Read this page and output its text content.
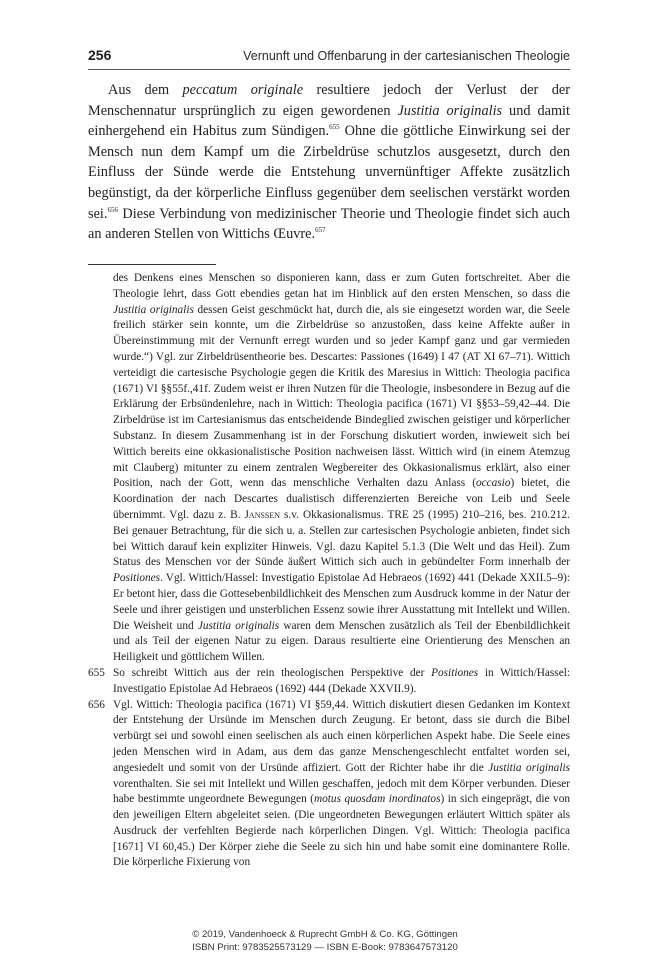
256	Vernunft und Offenbarung in der cartesianischen Theologie

Aus dem peccatum originale resultiere jedoch der Verlust der der Menschennatur ursprünglich zu eigen gewordenen Justitia originalis und damit einhergehend ein Habitus zum Sündigen.$^{655}$ Ohne die göttliche Einwirkung sei der Mensch nun dem Kampf um die Zirbeldrüse schutzlos ausgesetzt, durch den Einfluss der Sünde werde die Entstehung unvernünftiger Affekte zusätzlich begünstigt, da der körperliche Einfluss gegenüber dem seelischen verstärkt worden sei.$^{656}$ Diese Verbindung von medizinischer Theorie und Theologie findet sich auch an anderen Stellen von Wittichs Œuvre.$^{657}$

des Denkens eines Menschen so disponieren kann, dass er zum Guten fortschreitet. Aber die Theologie lehrt, dass Gott ebendies getan hat im Hinblick auf den ersten Menschen, so dass die Justitia originalis dessen Geist geschmückt hat, durch die, als sie eingesetzt worden war, die Seele freilich stärker sein konnte, um die Zirbeldrüse so anzustoßen, dass keine Affekte außer in Übereinstimmung mit der Vernunft erregt wurden und so jeder Kampf ganz und gar vermieden wurde.“) Vgl. zur Zirbeldrüsentheorie bes. Descartes: Passiones (1649) I 47 (AT XI 67–71). Wittich verteidigt die cartesische Psychologie gegen die Kritik des Maresius in Wittich: Theologia pacifica (1671) VI §§55f.,41f. Zudem weist er ihren Nutzen für die Theologie, insbesondere in Bezug auf die Erklärung der Erbsündenlehre, nach in Wittich: Theologia pacifica (1671) VI §§53–59,42–44. Die Zirbeldrüse ist im Cartesianismus das entscheidende Bindeglied zwischen geistiger und körperlicher Substanz. In diesem Zusammenhang ist in der Forschung diskutiert worden, inwieweit sich bei Wittich bereits eine okkasionalistische Position nachweisen lässt. Wittich wird (in einem Atemzug mit Clauberg) mitunter zu einem zentralen Wegbereiter des Okkasionalismus erklärt, also einer Position, nach der Gott, wenn das menschliche Verhalten dazu Anlass (occasio) bietet, die Koordination der nach Descartes dualistisch differenzierten Bereiche von Leib und Seele übernimmt. Vgl. dazu z. B. Janssen s.v. Okkasionalismus. TRE 25 (1995) 210–216, bes. 210.212. Bei genauer Betrachtung, für die sich u. a. Stellen zur cartesischen Psychologie anbieten, findet sich bei Wittich darauf kein expliziter Hinweis. Vgl. dazu Kapitel 5.1.3 (Die Welt und das Heil). Zum Status des Menschen vor der Sünde äußert Wittich sich auch in gebündelter Form innerhalb der Positiones. Vgl. Wittich/Hassel: Investigatio Epistolae Ad Hebraeos (1692) 441 (Dekade XXII.5–9): Er betont hier, dass die Gottesebenbildlichkeit des Menschen zum Ausdruck komme in der Natur der Seele und ihrer geistigen und unsterblichen Essenz sowie ihrer Ausstattung mit Intellekt und Willen. Die Weisheit und Justitia originalis waren dem Menschen zusätzlich als Teil der Ebenbildlichkeit und als Teil der eigenen Natur zu eigen. Daraus resultierte eine Orientierung des Menschen an Heiligkeit und göttlichem Willen.
655 So schreibt Wittich aus der rein theologischen Perspektive der Positiones in Wittich/Hassel: Investigatio Epistolae Ad Hebraeos (1692) 444 (Dekade XXVII.9).
656 Vgl. Wittich: Theologia pacifica (1671) VI §59,44. Wittich diskutiert diesen Gedanken im Kontext der Entstehung der Ursünde im Menschen durch Zeugung. Er betont, dass sie durch die Bibel verbürgt sei und sowohl einen seelischen als auch einen körperlichen Aspekt habe. Die Seele eines jeden Menschen wird in Adam, aus dem das ganze Menschengeschlecht entfaltet worden sei, angesiedelt und somit von der Ursünde affiziert. Gott der Richter habe ihr die Justitia originalis vorenthalten. Sie sei mit Intellekt und Willen geschaffen, jedoch mit dem Körper verbunden. Dieser habe bestimmte ungeordnete Bewegungen (motus quosdam inordinatos) in sich eingeprägt, die von den jeweiligen Eltern abgeleitet seien. (Die ungeordneten Bewegungen erläutert Wittich später als Ausdruck der verfehlten Begierde nach körperlichen Dingen. Vgl. Wittich: Theologia pacifica [1671] VI 60,45.) Der Körper ziehe die Seele zu sich hin und habe somit eine dominantere Rolle. Die körperliche Fixierung von
© 2019, Vandenhoeck & Ruprecht GmbH & Co. KG, Göttingen
ISBN Print: 9783525573129 — ISBN E-Book: 9783647573120
